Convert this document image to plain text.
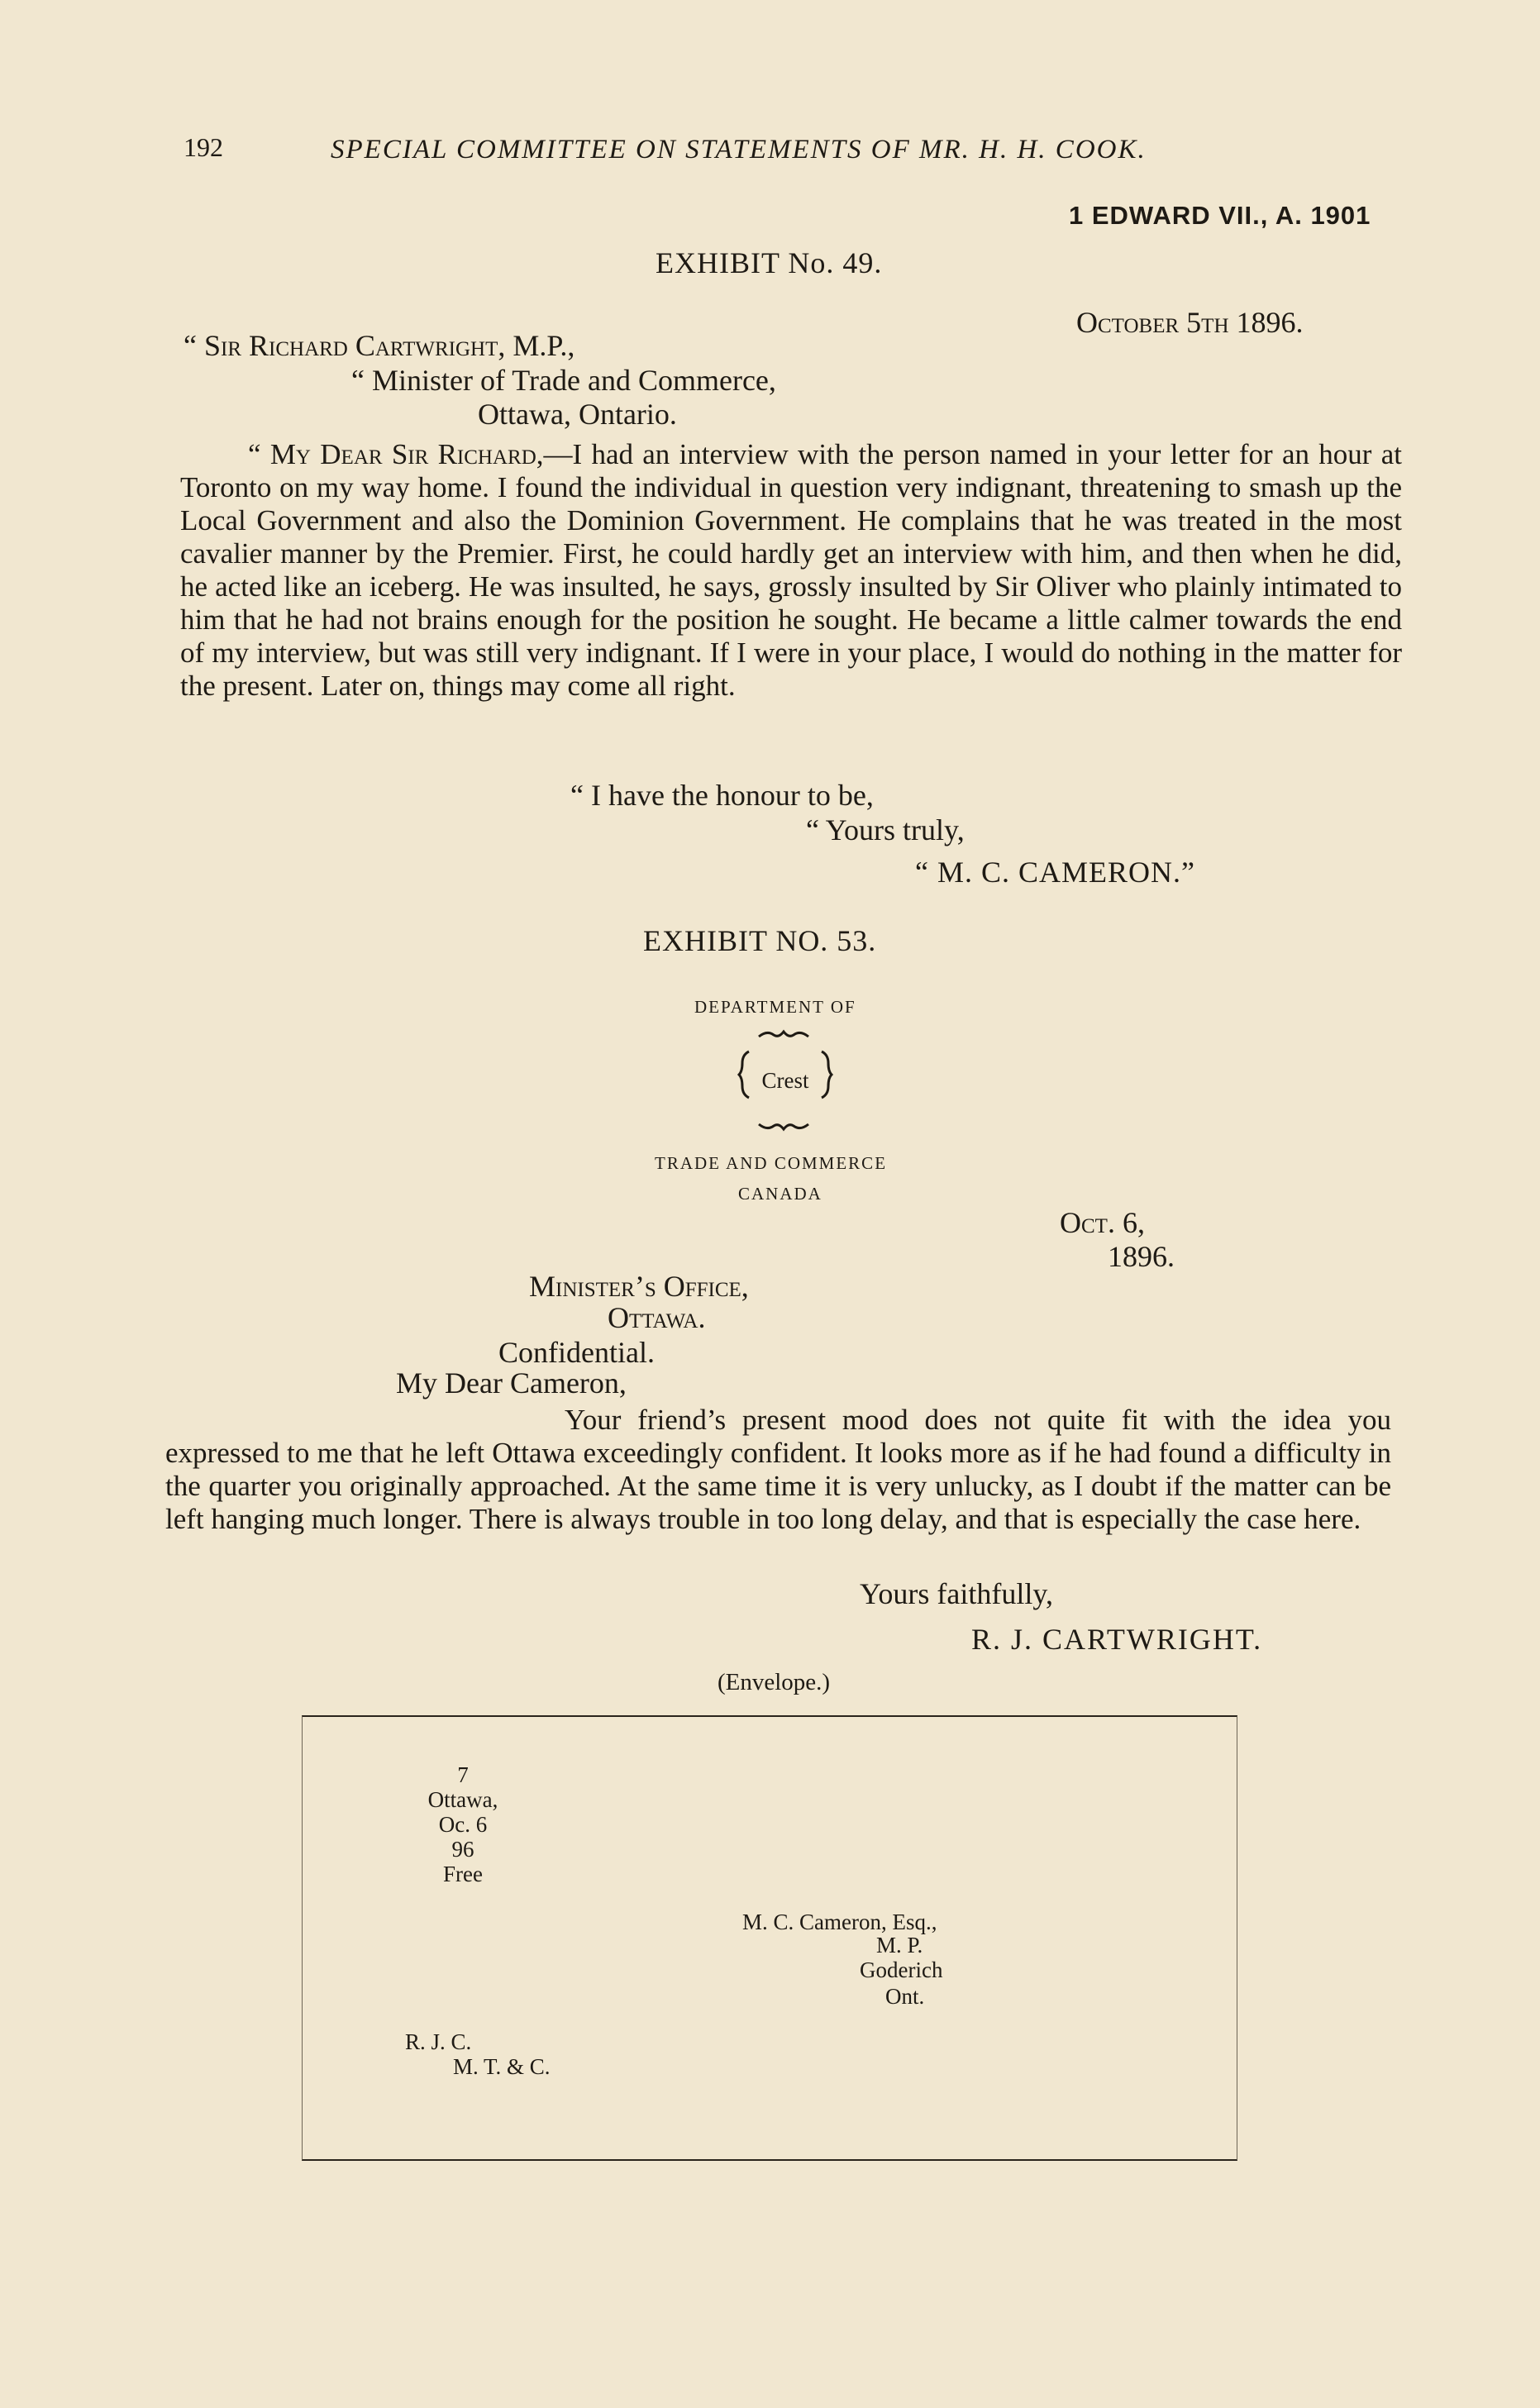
192	SPECIAL COMMITTEE ON STATEMENTS OF MR. H. H. COOK.
1 EDWARD VII., A. 1901
EXHIBIT No. 49.
October 5th 1896.
“ Sir Richard Cartwright, M.P.,
“ Minister of Trade and Commerce,
Ottawa, Ontario.

“ My Dear Sir Richard,—I had an interview with the person named in your letter for an hour at Toronto on my way home. I found the individual in question very indignant, threatening to smash up the Local Government and also the Dominion Government. He complains that he was treated in the most cavalier manner by the Premier. First, he could hardly get an interview with him, and then when he did, he acted like an iceberg. He was insulted, he says, grossly insulted by Sir Oliver who plainly intimated to him that he had not brains enough for the position he sought. He became a little calmer towards the end of my interview, but was still very indignant. If I were in your place, I would do nothing in the matter for the present. Later on, things may come all right.

“ I have the honour to be,
“ Yours truly,
“ M. C. CAMERON.”
EXHIBIT NO. 53.
DEPARTMENT OF
Crest
TRADE AND COMMERCE
CANADA
Oct. 6,
1896.
Minister’s Office,
Ottawa.
Confidential.
My Dear Cameron,

Your friend’s present mood does not quite fit with the idea you expressed to me that he left Ottawa exceedingly confident. It looks more as if he had found a difficulty in the quarter you originally approached. At the same time it is very unlucky, as I doubt if the matter can be left hanging much longer. There is always trouble in too long delay, and that is especially the case here.

Yours faithfully,
R. J. CARTWRIGHT.
(Envelope.)
7
Ottawa,
Oc. 6
96
Free
M. C. Cameron, Esq.,
M. P.
Goderich
Ont.
R. J. C.
M. T. & C.
